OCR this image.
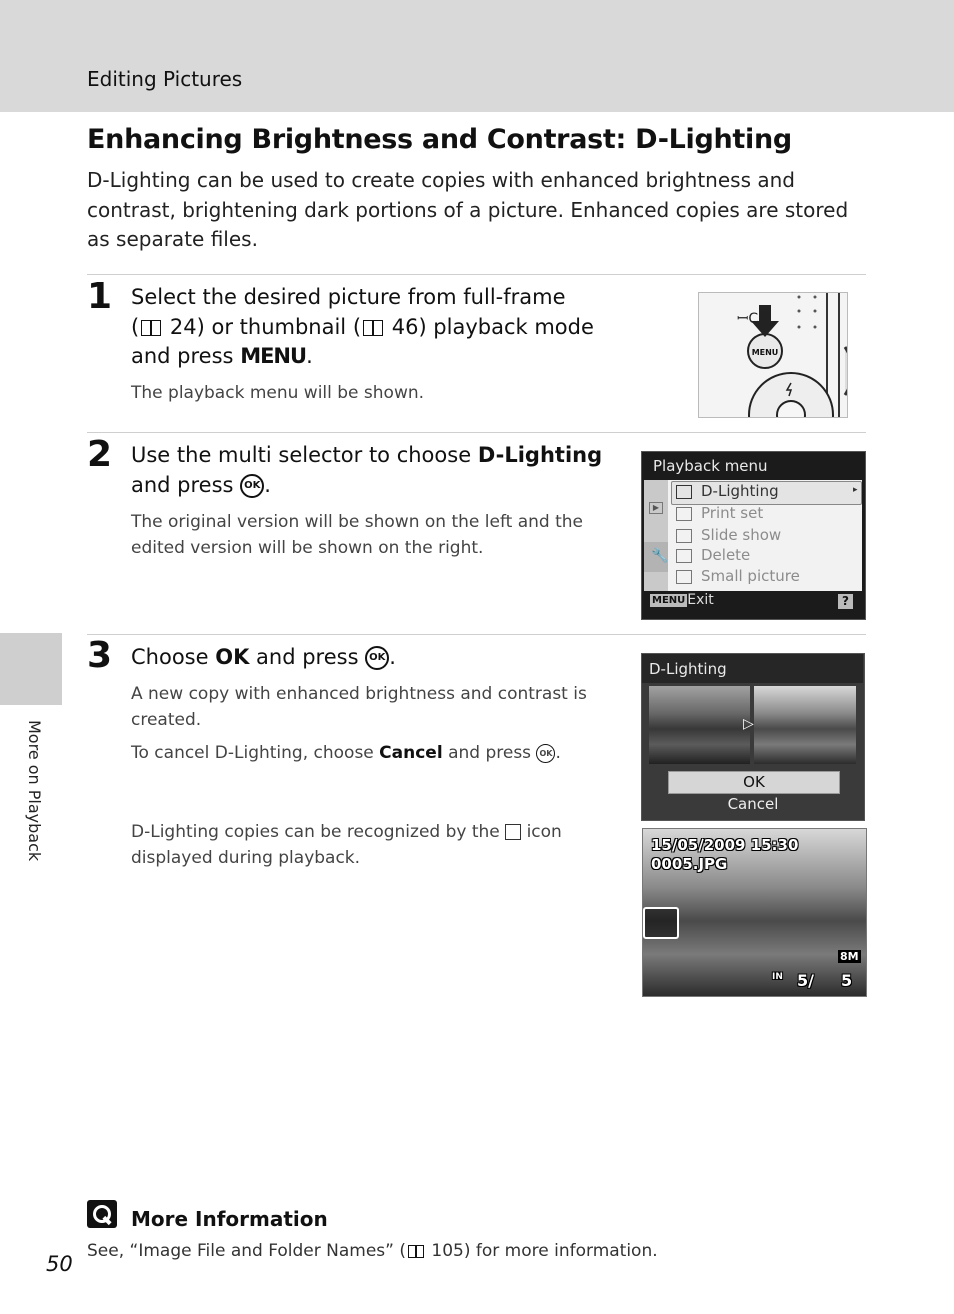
Editing Pictures
Enhancing Brightness and Contrast: D-Lighting
D-Lighting can be used to create copies with enhanced brightness and contrast, brightening dark portions of a picture. Enhanced copies are stored as separate files.
1 Select the desired picture from full-frame
( 24) or thumbnail ( 46) playback mode
and press MENU.
The playback menu will be shown.
ꟷC
MENU
2 Use the multi selector to choose D-Lighting
and press OK .
The original version will be shown on the left and the edited version will be shown on the right.
Playback menu
▶
🔧
D-Lighting	▸
Print set
Slide show
Delete
Small picture
MENU Exit	?
3 Choose OK and press OK .
A new copy with enhanced brightness and contrast is created.
To cancel D-Lighting, choose Cancel and press OK .
D-Lighting copies can be recognized by the icon displayed during playback.
D-Lighting
▷
OK
Cancel
15/05/2009 15:30
0005.JPG
8M
IN 5/ 5
More on Playback
More Information
See, “Image File and Folder Names” ( 105) for more information.
50
